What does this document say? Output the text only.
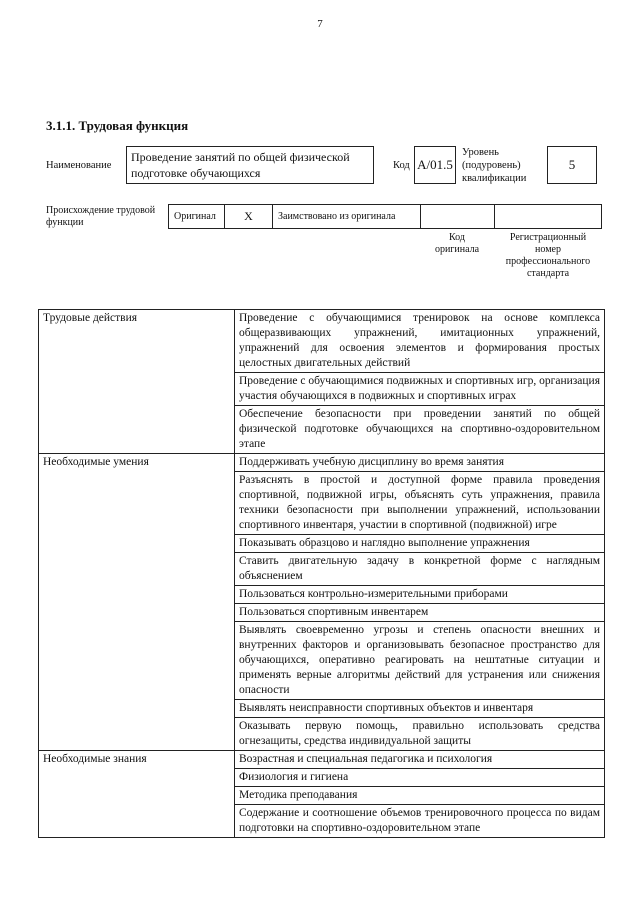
7
3.1.1. Трудовая функция
Наименование
Проведение занятий по общей физической подготовке обучающихся
Код A/01.5
Уровень
(подуровень)
квалификации
5
Происхождение трудовой
функции
Оригинал	X	Заимствовано из оригинала
Код
оригинала
Регистрационный
номер
профессионального
стандарта
Трудовые действия	Проведение с обучающимися тренировок на основе комплекса общеразвивающих упражнений, имитационных упражнений, упражнений для освоения элементов и формирования простых целостных двигательных действий
	Проведение с обучающимися подвижных и спортивных игр, организация участия обучающихся в подвижных и спортивных играх
	Обеспечение безопасности при проведении занятий по общей физической подготовке обучающихся на спортивно-оздоровительном этапе
Необходимые умения	Поддерживать учебную дисциплину во время занятия
	Разъяснять в простой и доступной форме правила проведения спортивной, подвижной игры, объяснять суть упражнения, правила техники безопасности при выполнении упражнений, использовании спортивного инвентаря, участии в спортивной (подвижной) игре
	Показывать образцово и наглядно выполнение упражнения
	Ставить двигательную задачу в конкретной форме с наглядным объяснением
	Пользоваться контрольно-измерительными приборами
	Пользоваться спортивным инвентарем
	Выявлять своевременно угрозы и степень опасности внешних и внутренних факторов и организовывать безопасное пространство для обучающихся, оперативно реагировать на нештатные ситуации и применять верные алгоритмы действий для устранения или снижения опасности
	Выявлять неисправности спортивных объектов и инвентаря
	Оказывать первую помощь, правильно использовать средства огнезащиты, средства индивидуальной защиты
Необходимые знания	Возрастная и специальная педагогика и психология
	Физиология и гигиена
	Методика преподавания
	Содержание и соотношение объемов тренировочного процесса по видам подготовки на спортивно-оздоровительном этапе
